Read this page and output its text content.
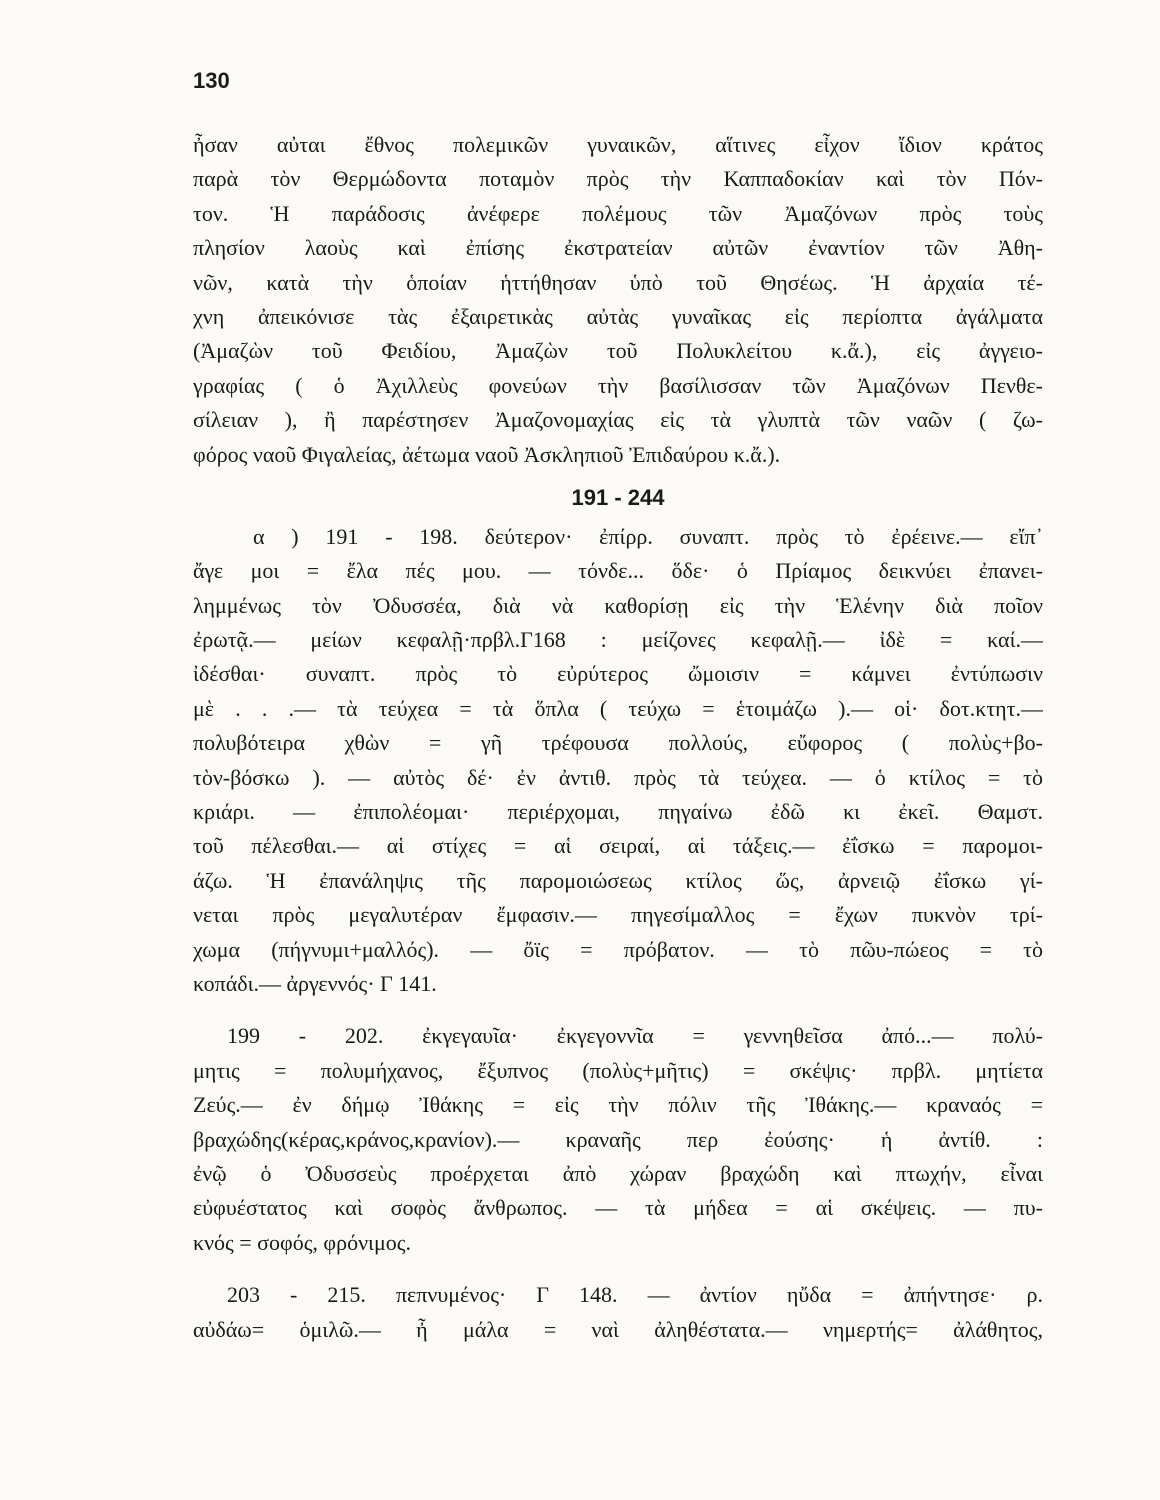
130
ἦσαν αὐται ἔθνος πολεμικῶν γυναικῶν, αἵτινες εἶχον ἴδιον κράτος
παρὰ τὸν Θερμώδοντα ποταμὸν πρὸς τὴν Καππαδοκίαν καὶ τὸν Πόν-
τον. Ἡ παράδοσις ἀνέφερε πολέμους τῶν Ἀμαζόνων πρὸς τοὺς
πλησίον λαοὺς καὶ ἐπίσης ἐκστρατείαν αὐτῶν ἐναντίον τῶν Ἀθη-
νῶν, κατὰ τὴν ὁποίαν ἡττήθησαν ὑπὸ τοῦ Θησέως. Ἡ ἀρχαία τέ-
χνη ἀπεικόνισε τὰς ἐξαιρετικὰς αὐτὰς γυναῖκας εἰς περίοπτα ἀγάλματα
(Ἀμαζὼν τοῦ Φειδίου, Ἀμαζὼν τοῦ Πολυκλείτου κ.ἄ.), εἰς ἀγγειο-
γραφίας ( ὁ Ἀχιλλεὺς φονεύων τὴν βασίλισσαν τῶν Ἀμαζόνων Πενθε-
σίλειαν ), ἢ παρέστησεν Ἀμαζονομαχίας εἰς τὰ γλυπτὰ τῶν ναῶν ( ζω-
φόρος ναοῦ Φιγαλείας, ἀέτωμα ναοῦ Ἀσκληπιοῦ Ἐπιδαύρου κ.ἄ.).
191 - 244
α ) 191 - 198. δεύτερον· ἐπίρρ. συναπτ. πρὸς τὸ ἐρέεινε.— εἴπ᾽
ἄγε μοι = ἔλα πές μου. — τόνδε... ὅδε· ὁ Πρίαμος δεικνύει ἐπανει-
λημμένως τὸν Ὀδυσσέα, διὰ νὰ καθορίσῃ εἰς τὴν Ἑλένην διὰ ποῖον
ἐρωτᾷ.— μείων κεφαλῇ·πρβλ.Γ168 : μείζονες κεφαλῇ.— ἰδὲ = καί.—
ἰδέσθαι· συναπτ. πρὸς τὸ εὐρύτερος ὤμοισιν = κάμνει ἐντύπωσιν
μὲ . . .— τὰ τεύχεα = τὰ ὅπλα ( τεύχω = ἑτοιμάζω ).— οἱ· δοτ.κτητ.—
πολυβότειρα χθὼν = γῆ τρέφουσα πολλούς, εὔφορος ( πολὺς+βο-
τὸν-βόσκω ). — αὐτὸς δέ· ἐν ἀντιθ. πρὸς τὰ τεύχεα. — ὁ κτίλος = τὸ
κριάρι. — ἐπιπολέομαι· περιέρχομαι, πηγαίνω ἐδῶ κι ἐκεῖ. Θαμστ.
τοῦ πέλεσθαι.— αἱ στίχες = αἱ σειραί, αἱ τάξεις.— ἐΐσκω = παρομοι-
άζω. Ἡ ἐπανάληψις τῆς παρομοιώσεως κτίλος ὥς, ἀρνειῷ ἐΐσκω γί-
νεται πρὸς μεγαλυτέραν ἔμφασιν.— πηγεσίμαλλος = ἔχων πυκνὸν τρί-
χωμα (πήγνυμι+μαλλός). — ὄϊς = πρόβατον. — τὸ πῶυ-πώεος = τὸ
κοπάδι.— ἀργεννός· Γ 141.
199 - 202. ἐκγεγαυῖα· ἐκγεγοννῖα = γεννηθεῖσα ἀπό...— πολύ-
μητις = πολυμήχανος, ἔξυπνος (πολὺς+μῆτις) = σκέψις· πρβλ. μητίετα
Ζεύς.— ἐν δήμῳ Ἰθάκης = εἰς τὴν πόλιν τῆς Ἰθάκης.— κραναός =
βραχώδης(κέρας,κράνος,κρανίον).— κραναῆς περ ἐούσης· ἡ ἀντίθ. :
ἐνῷ ὁ Ὀδυσσεὺς προέρχεται ἀπὸ χώραν βραχώδη καὶ πτωχήν, εἶναι
εὐφυέστατος καὶ σοφὸς ἄνθρωπος. — τὰ μήδεα = αἱ σκέψεις. — πυ-
κνός = σοφός, φρόνιμος.
203 - 215. πεπνυμένος· Γ 148. — ἀντίον ηὔδα = ἀπήντησε· ρ.
αὐδάω= ὁμιλῶ.— ἦ μάλα = ναὶ ἀληθέστατα.— νημερτής= ἀλάθητος,
